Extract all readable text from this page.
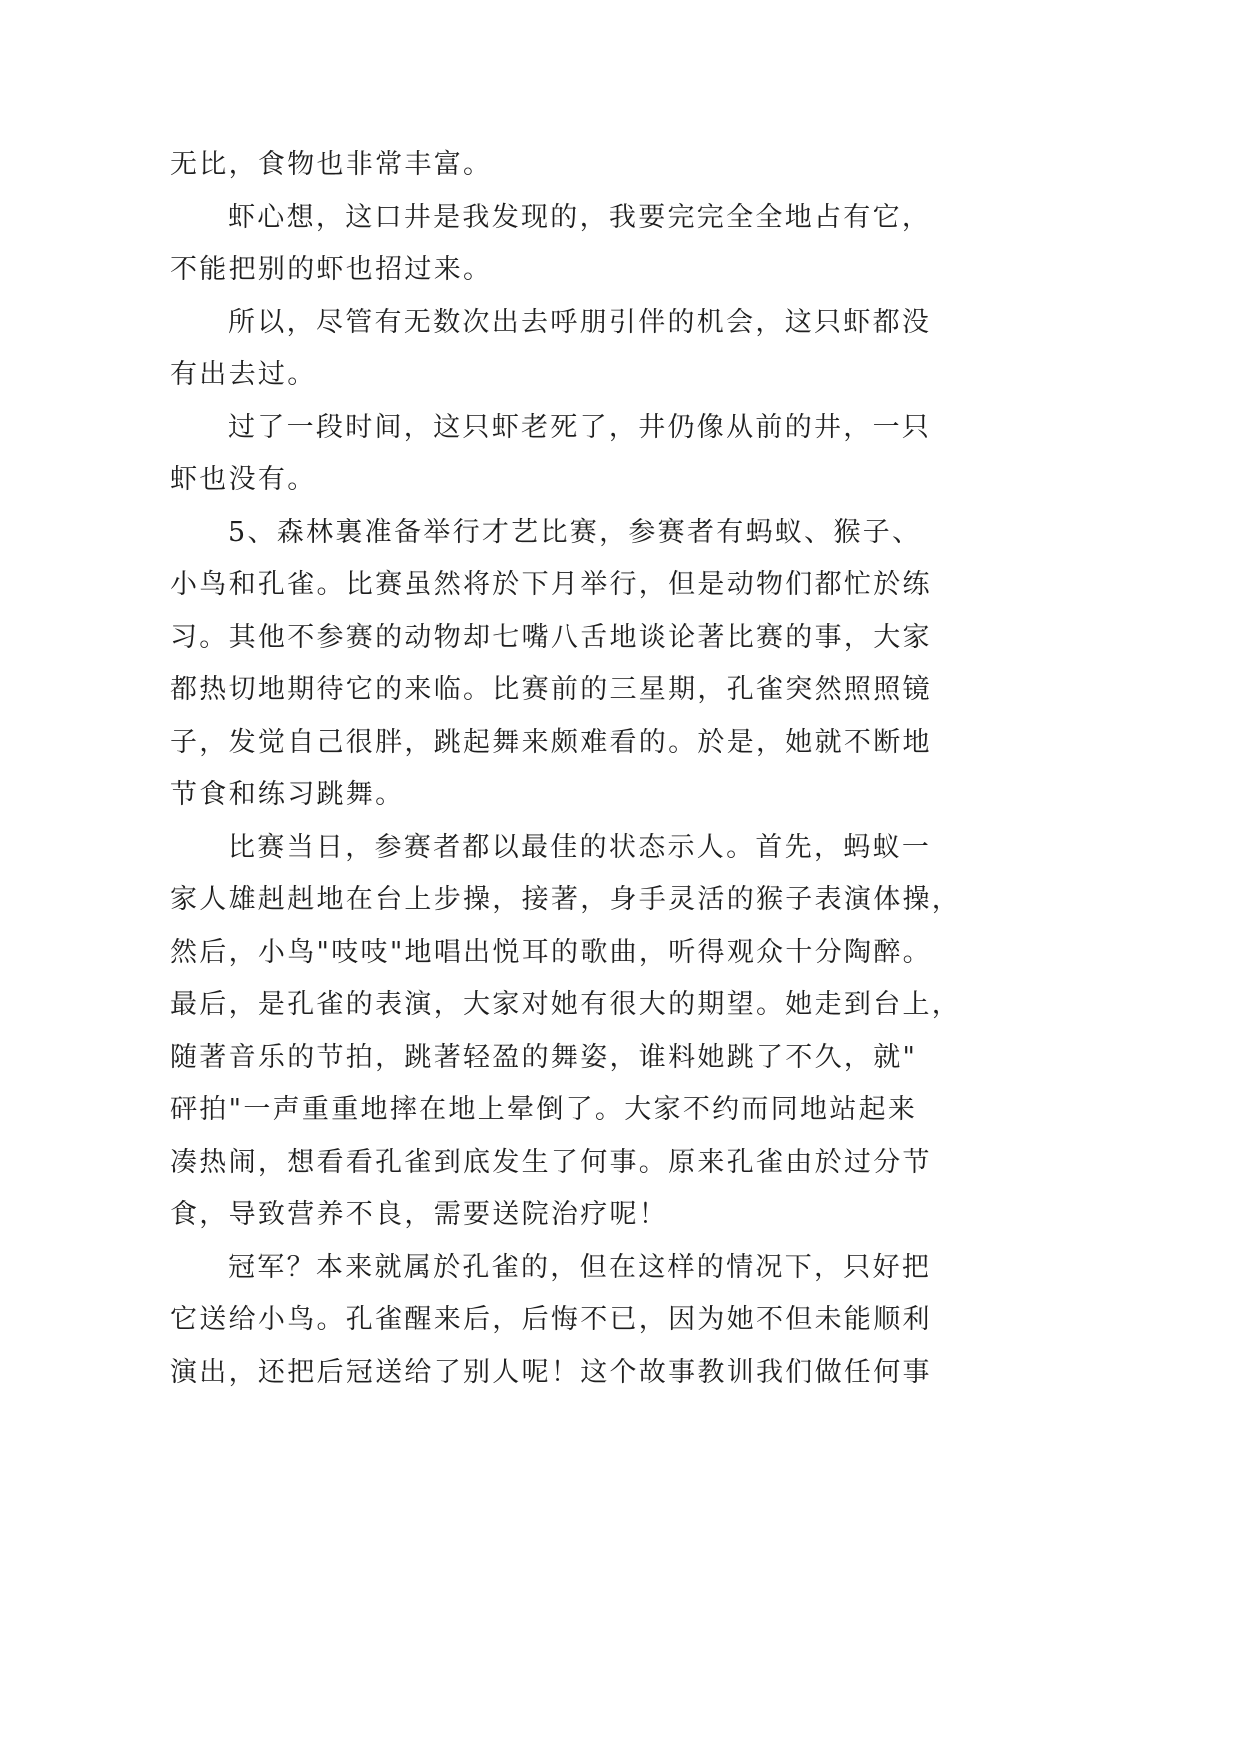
无比，食物也非常丰富。
虾心想，这口井是我发现的，我要完完全全地占有它，
不能把别的虾也招过来。
所以，尽管有无数次出去呼朋引伴的机会，这只虾都没
有出去过。
过了一段时间，这只虾老死了，井仍像从前的井，一只
虾也没有。
5、森林裏准备举行才艺比赛，参赛者有蚂蚁、猴子、
小鸟和孔雀。比赛虽然将於下月举行，但是动物们都忙於练
习。其他不参赛的动物却七嘴八舌地谈论著比赛的事，大家
都热切地期待它的来临。比赛前的三星期，孔雀突然照照镜
子，发觉自己很胖，跳起舞来颇难看的。於是，她就不断地
节食和练习跳舞。
比赛当日，参赛者都以最佳的状态示人。首先，蚂蚁一
家人雄赳赳地在台上步操，接著，身手灵活的猴子表演体操，
然后，小鸟"吱吱"地唱出悦耳的歌曲，听得观众十分陶醉。
最后，是孔雀的表演，大家对她有很大的期望。她走到台上，
随著音乐的节拍，跳著轻盈的舞姿，谁料她跳了不久，就"
砰拍"一声重重地摔在地上晕倒了。大家不约而同地站起来
凑热闹，想看看孔雀到底发生了何事。原来孔雀由於过分节
食，导致营养不良，需要送院治疗呢！
冠军？本来就属於孔雀的，但在这样的情况下，只好把
它送给小鸟。孔雀醒来后，后悔不已，因为她不但未能顺利
演出，还把后冠送给了别人呢！这个故事教训我们做任何事
